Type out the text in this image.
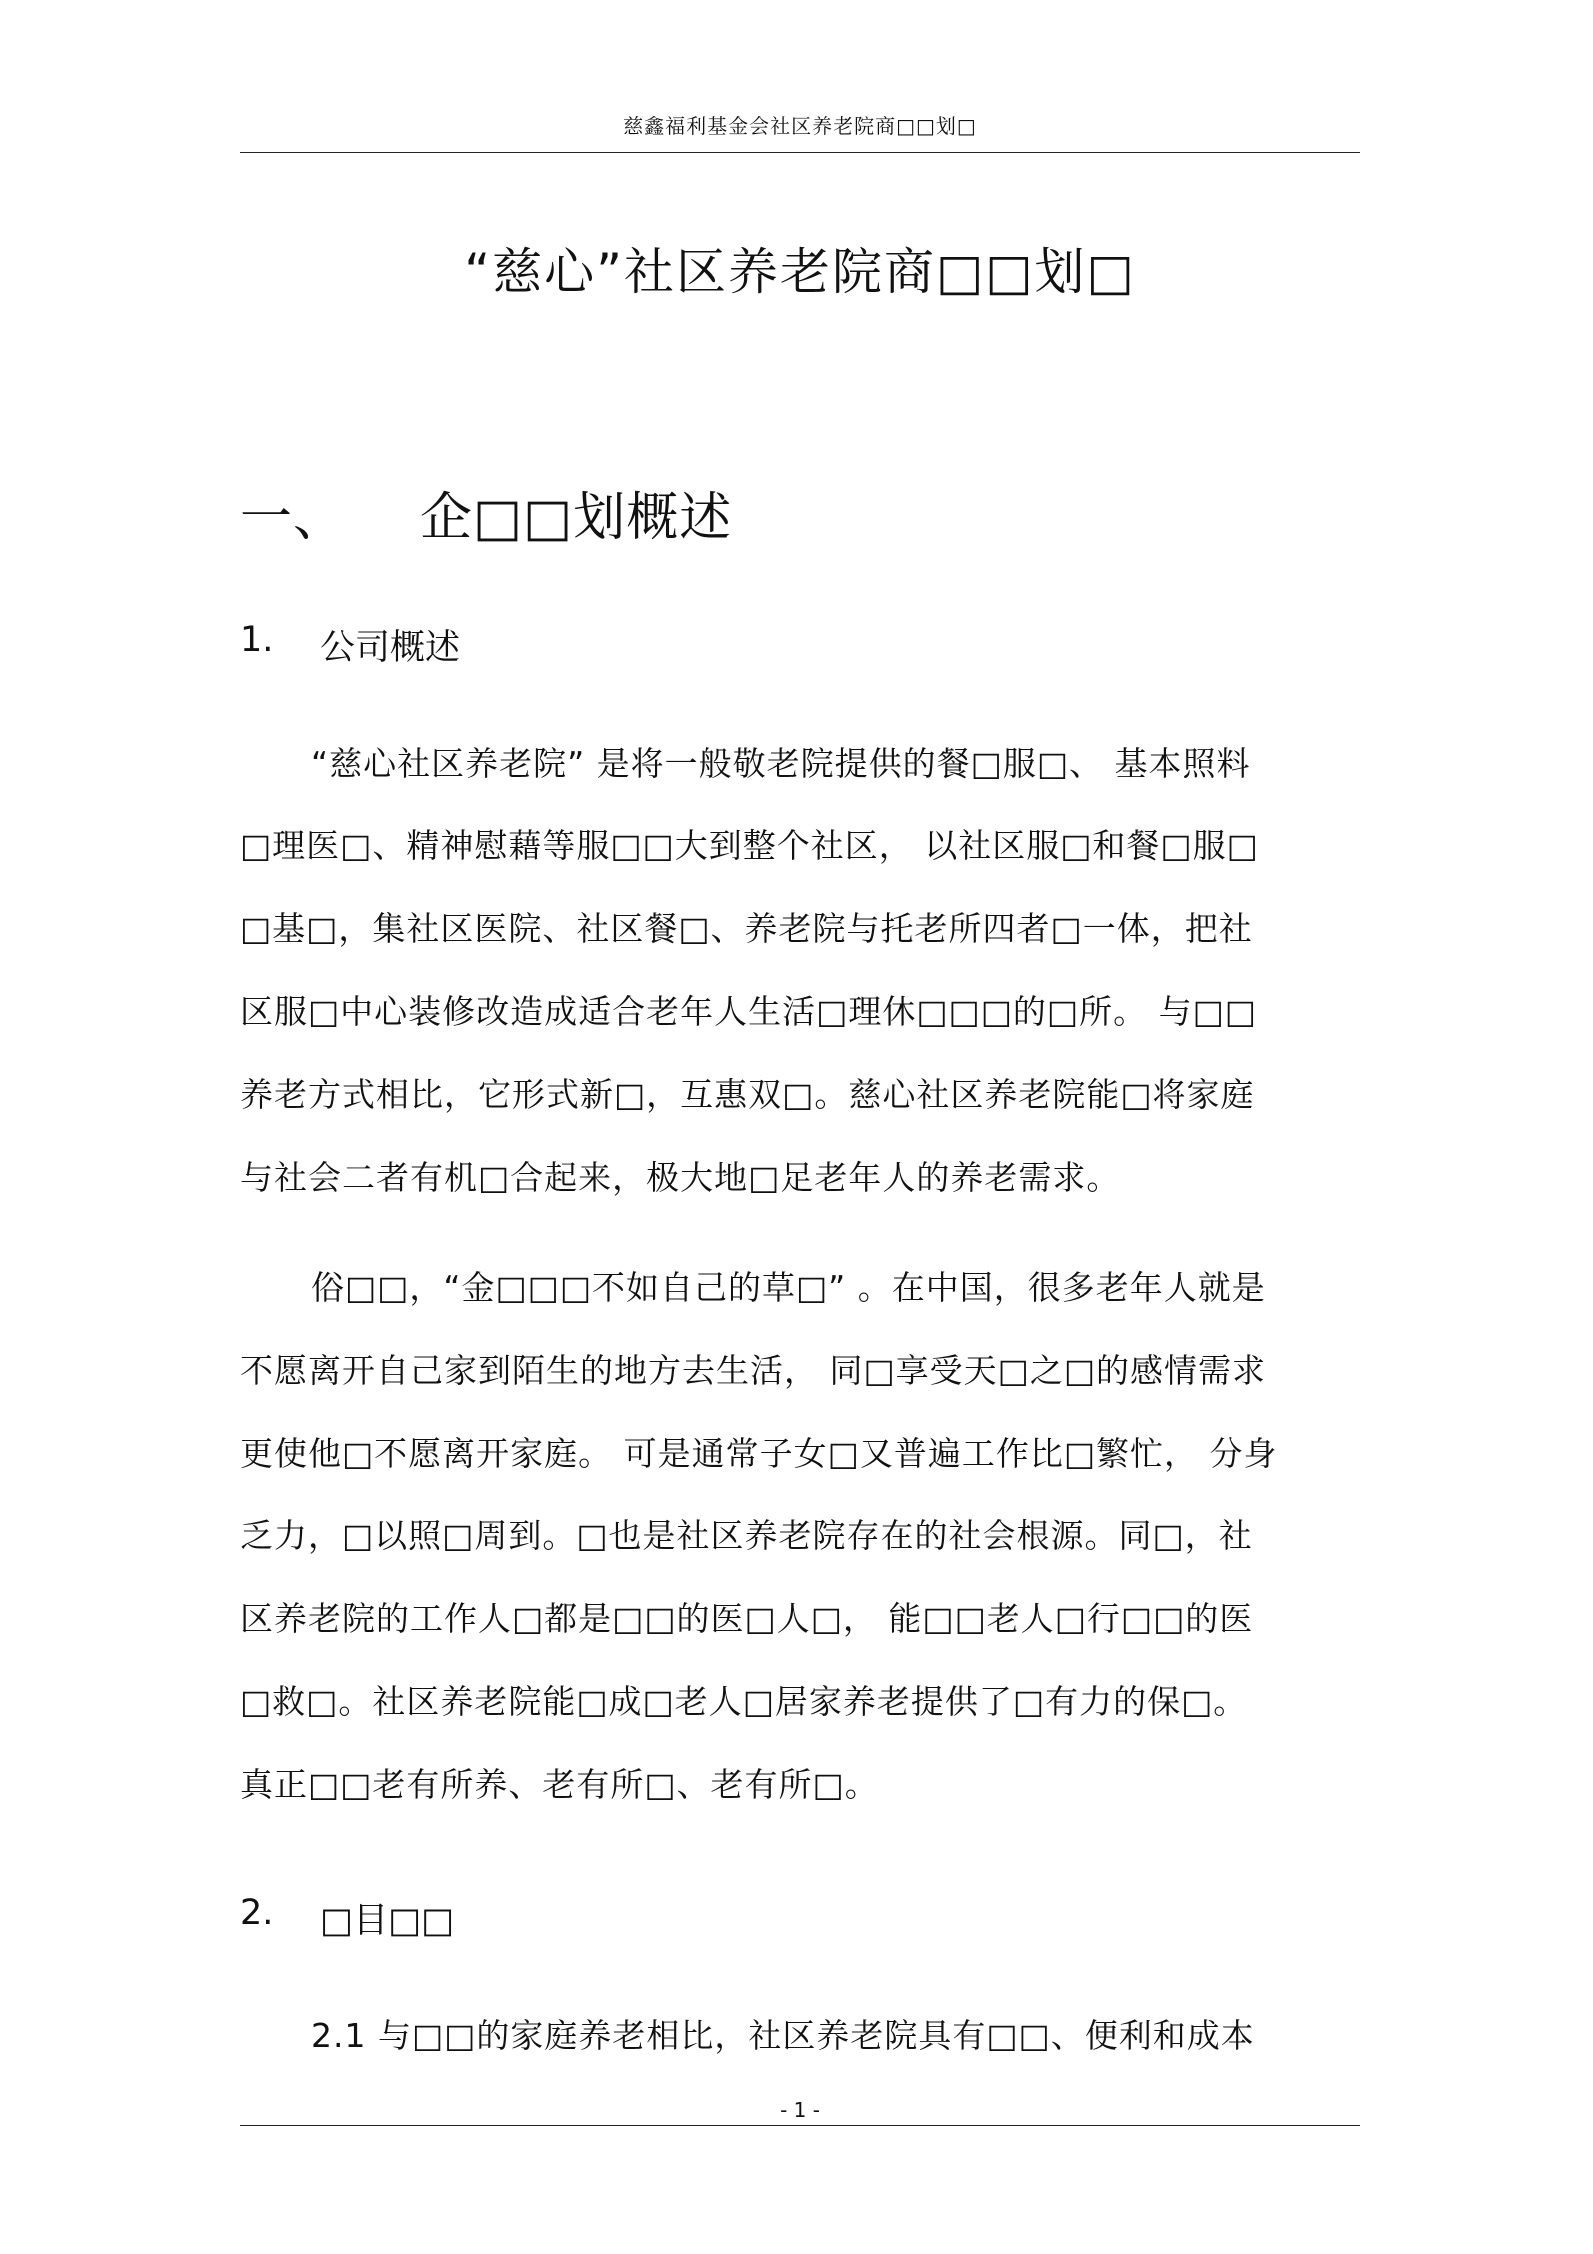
慈鑫福利基金会社区养老院商□□划□
“慈心”社区养老院商□□划□
一、 企□□划概述
1. 公司概述
“慈心社区养老院” 是将一般敬老院提供的餐□服□、 基本照料
□理医□、精神慰藉等服□□大到整个社区， 以社区服□和餐□服□
□基□，集社区医院、社区餐□、养老院与托老所四者□一体，把社
区服□中心装修改造成适合老年人生活□理休□□□的□所。 与□□
养老方式相比，它形式新□，互惠双□。慈心社区养老院能□将家庭
与社会二者有机□合起来，极大地□足老年人的养老需求。
俗□□，“金□□□不如自己的草□” 。在中国，很多老年人就是
不愿离开自己家到陌生的地方去生活， 同□享受天□之□的感情需求
更使他□不愿离开家庭。 可是通常子女□又普遍工作比□繁忙， 分身
乏力，□以照□周到。□也是社区养老院存在的社会根源。同□，社
区养老院的工作人□都是□□的医□人□， 能□□老人□行□□的医
□救□。社区养老院能□成□老人□居家养老提供了□有力的保□。
真正□□老有所养、老有所□、老有所□。
2. □目□□
2.1 与□□的家庭养老相比，社区养老院具有□□、便利和成本
- 1 -
